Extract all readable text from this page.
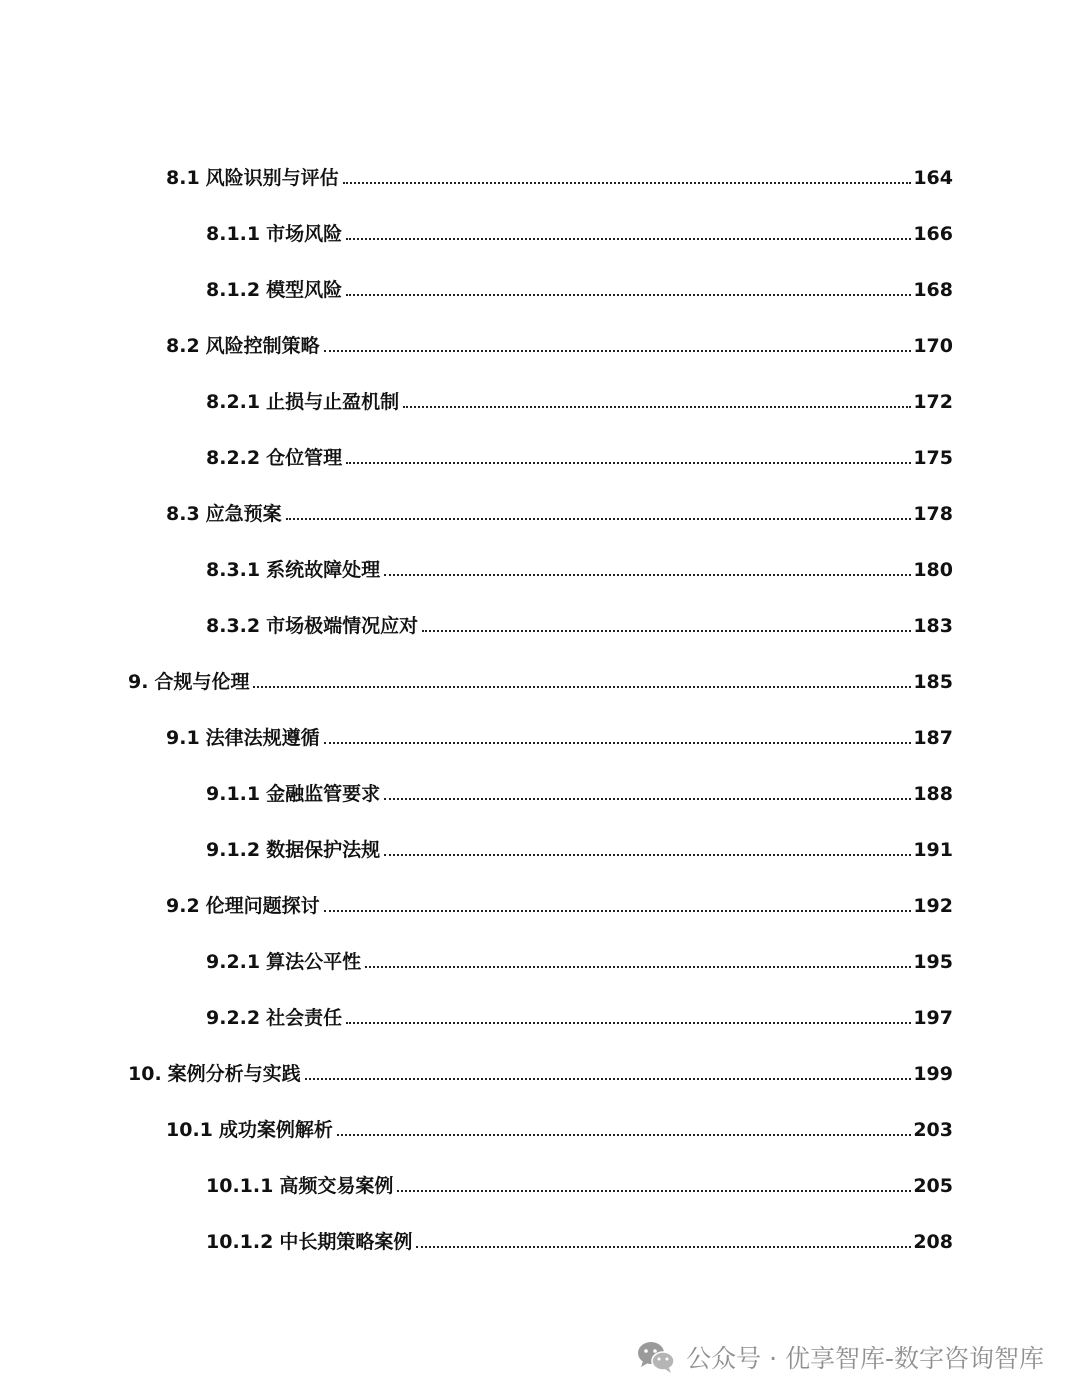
8.1 风险识别与评估	164
8.1.1 市场风险	166
8.1.2 模型风险	168
8.2 风险控制策略	170
8.2.1 止损与止盈机制	172
8.2.2 仓位管理	175
8.3 应急预案	178
8.3.1 系统故障处理	180
8.3.2 市场极端情况应对	183
9. 合规与伦理	185
9.1 法律法规遵循	187
9.1.1 金融监管要求	188
9.1.2 数据保护法规	191
9.2 伦理问题探讨	192
9.2.1 算法公平性	195
9.2.2 社会责任	197
10. 案例分析与实践	199
10.1 成功案例解析	203
10.1.1 高频交易案例	205
10.1.2 中长期策略案例	208
公众号 · 优享智库-数字咨询智库
